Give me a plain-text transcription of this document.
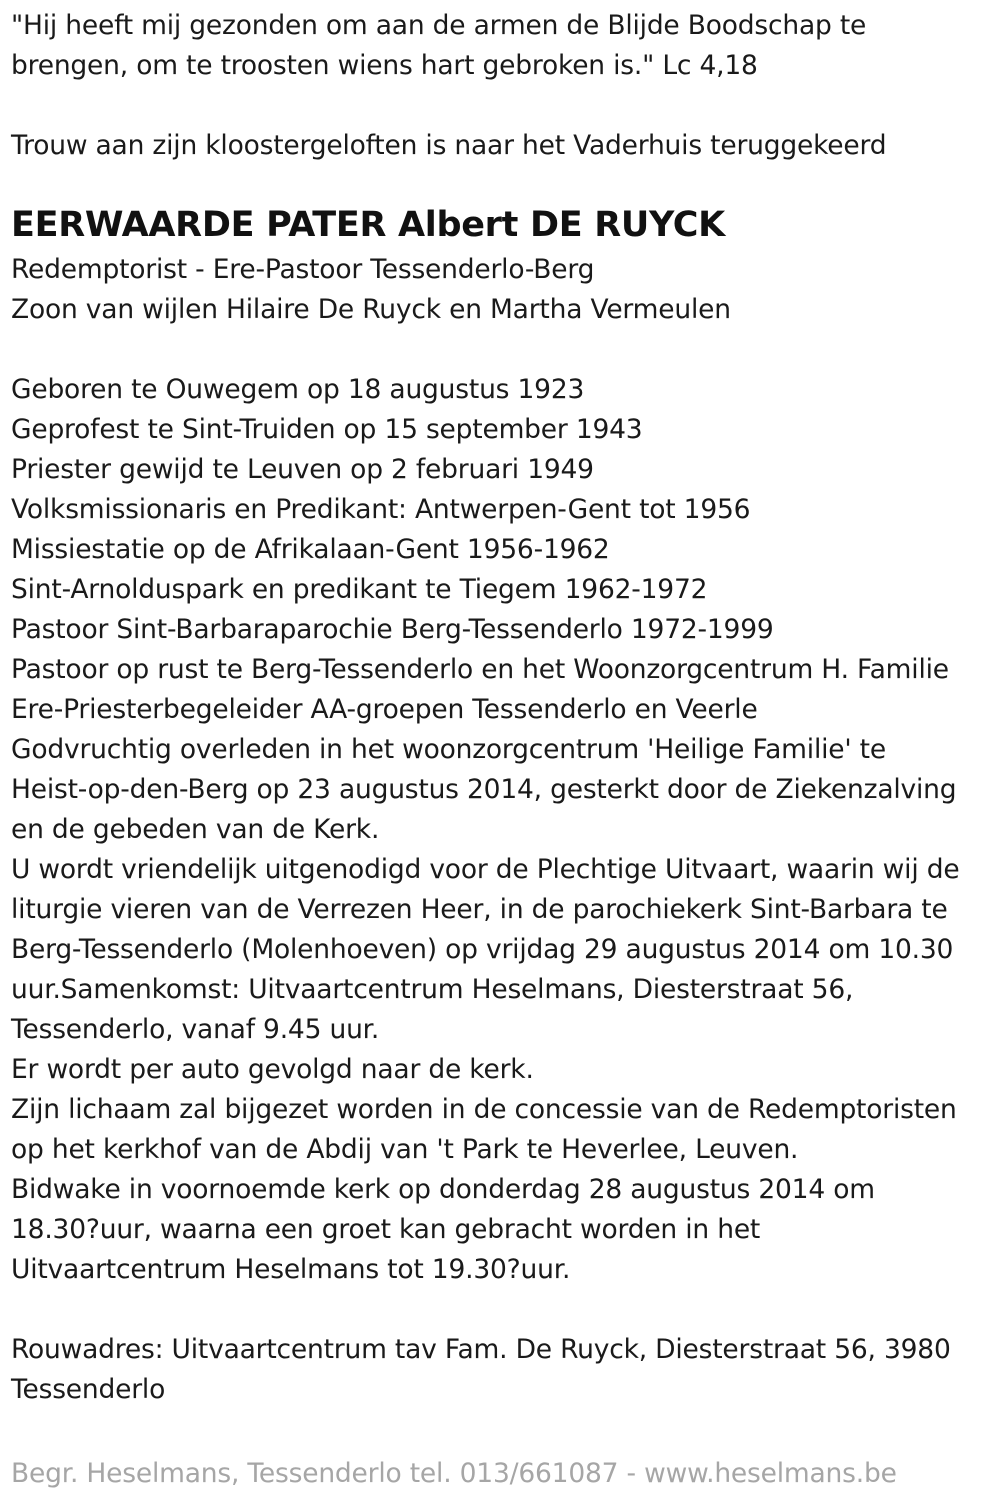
"Hij heeft mij gezonden om aan de armen de Blijde Boodschap te
brengen, om te troosten wiens hart gebroken is." Lc 4,18
Trouw aan zijn kloostergeloften is naar het Vaderhuis teruggekeerd
EERWAARDE PATER Albert DE RUYCK
Redemptorist - Ere-Pastoor Tessenderlo-Berg
Zoon van wijlen Hilaire De Ruyck en Martha Vermeulen
Geboren te Ouwegem op 18 augustus 1923
Geprofest te Sint-Truiden op 15 september 1943
Priester gewijd te Leuven op 2 februari 1949
Volksmissionaris en Predikant: Antwerpen-Gent tot 1956
Missiestatie op de Afrikalaan-Gent 1956-1962
Sint-Arnolduspark en predikant te Tiegem 1962-1972
Pastoor Sint-Barbaraparochie Berg-Tessenderlo 1972-1999
Pastoor op rust te Berg-Tessenderlo en het Woonzorgcentrum H. Familie
Ere-Priesterbegeleider AA-groepen Tessenderlo en Veerle
Godvruchtig overleden in het woonzorgcentrum 'Heilige Familie' te
Heist-op-den-Berg op 23 augustus 2014, gesterkt door de Ziekenzalving
en de gebeden van de Kerk.
U wordt vriendelijk uitgenodigd voor de Plechtige Uitvaart, waarin wij de
liturgie vieren van de Verrezen Heer, in de parochiekerk Sint-Barbara te
Berg-Tessenderlo (Molenhoeven) op vrijdag 29 augustus 2014 om 10.30
uur.Samenkomst: Uitvaartcentrum Heselmans, Diesterstraat 56,
Tessenderlo, vanaf 9.45 uur.
Er wordt per auto gevolgd naar de kerk.
Zijn lichaam zal bijgezet worden in de concessie van de Redemptoristen
op het kerkhof van de Abdij van 't Park te Heverlee, Leuven.
Bidwake in voornoemde kerk op donderdag 28 augustus 2014 om
18.30?uur, waarna een groet kan gebracht worden in het
Uitvaartcentrum Heselmans tot 19.30?uur.
Rouwadres: Uitvaartcentrum tav Fam. De Ruyck, Diesterstraat 56, 3980
Tessenderlo
Begr. Heselmans, Tessenderlo tel. 013/661087 - www.heselmans.be
